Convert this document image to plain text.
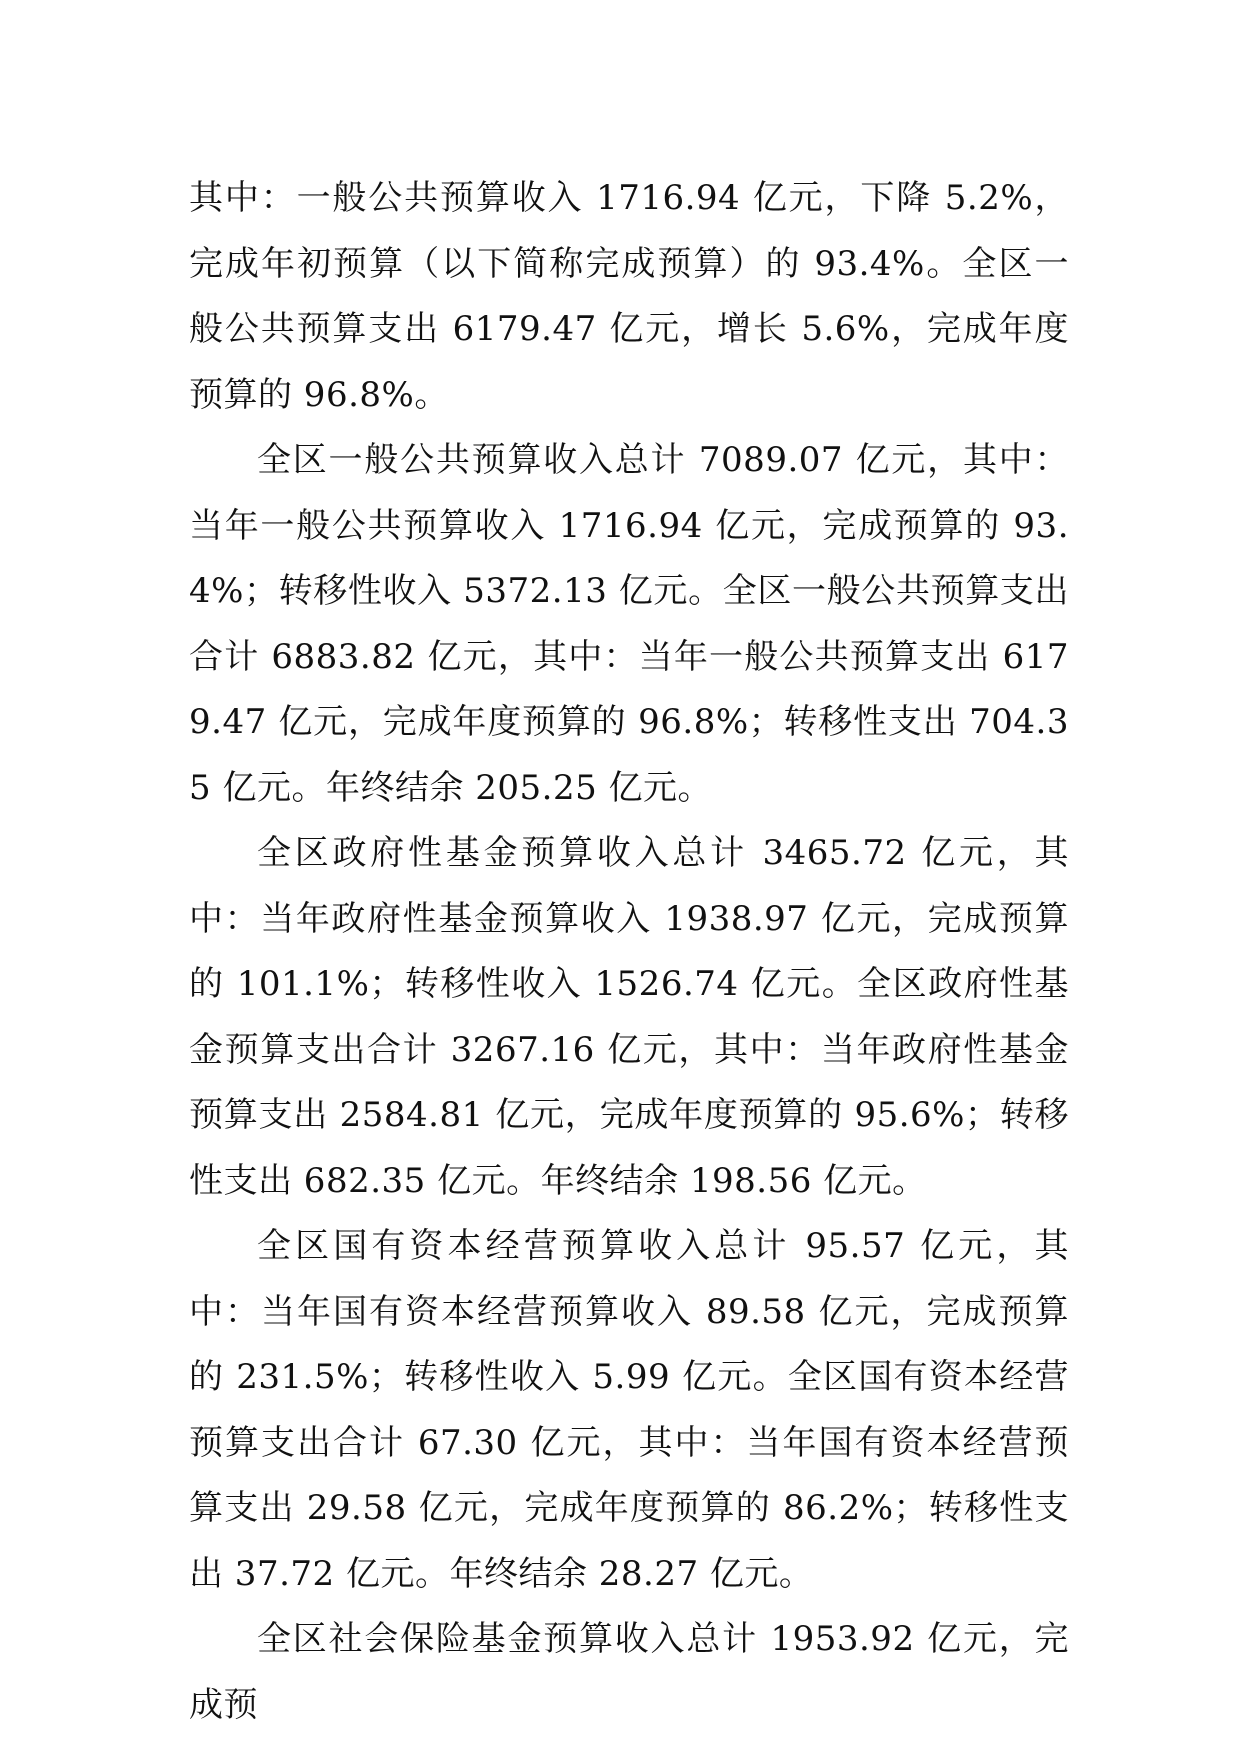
其中：一般公共预算收入 1716.94 亿元，下降 5.2%，完成年初预算（以下简称完成预算）的 93.4%。全区一般公共预算支出 6179.47 亿元，增长 5.6%，完成年度预算的 96.8%。

全区一般公共预算收入总计 7089.07 亿元，其中：当年一般公共预算收入 1716.94 亿元，完成预算的 93.4%；转移性收入 5372.13 亿元。全区一般公共预算支出合计 6883.82 亿元，其中：当年一般公共预算支出 6179.47 亿元，完成年度预算的 96.8%；转移性支出 704.35 亿元。年终结余 205.25 亿元。

全区政府性基金预算收入总计 3465.72 亿元，其中：当年政府性基金预算收入 1938.97 亿元，完成预算的 101.1%；转移性收入 1526.74 亿元。全区政府性基金预算支出合计 3267.16 亿元，其中：当年政府性基金预算支出 2584.81 亿元，完成年度预算的 95.6%；转移性支出 682.35 亿元。年终结余 198.56 亿元。

全区国有资本经营预算收入总计 95.57 亿元，其中：当年国有资本经营预算收入 89.58 亿元，完成预算的 231.5%；转移性收入 5.99 亿元。全区国有资本经营预算支出合计 67.30 亿元，其中：当年国有资本经营预算支出 29.58 亿元，完成年度预算的 86.2%；转移性支出 37.72 亿元。年终结余 28.27 亿元。

全区社会保险基金预算收入总计 1953.92 亿元，完成预
